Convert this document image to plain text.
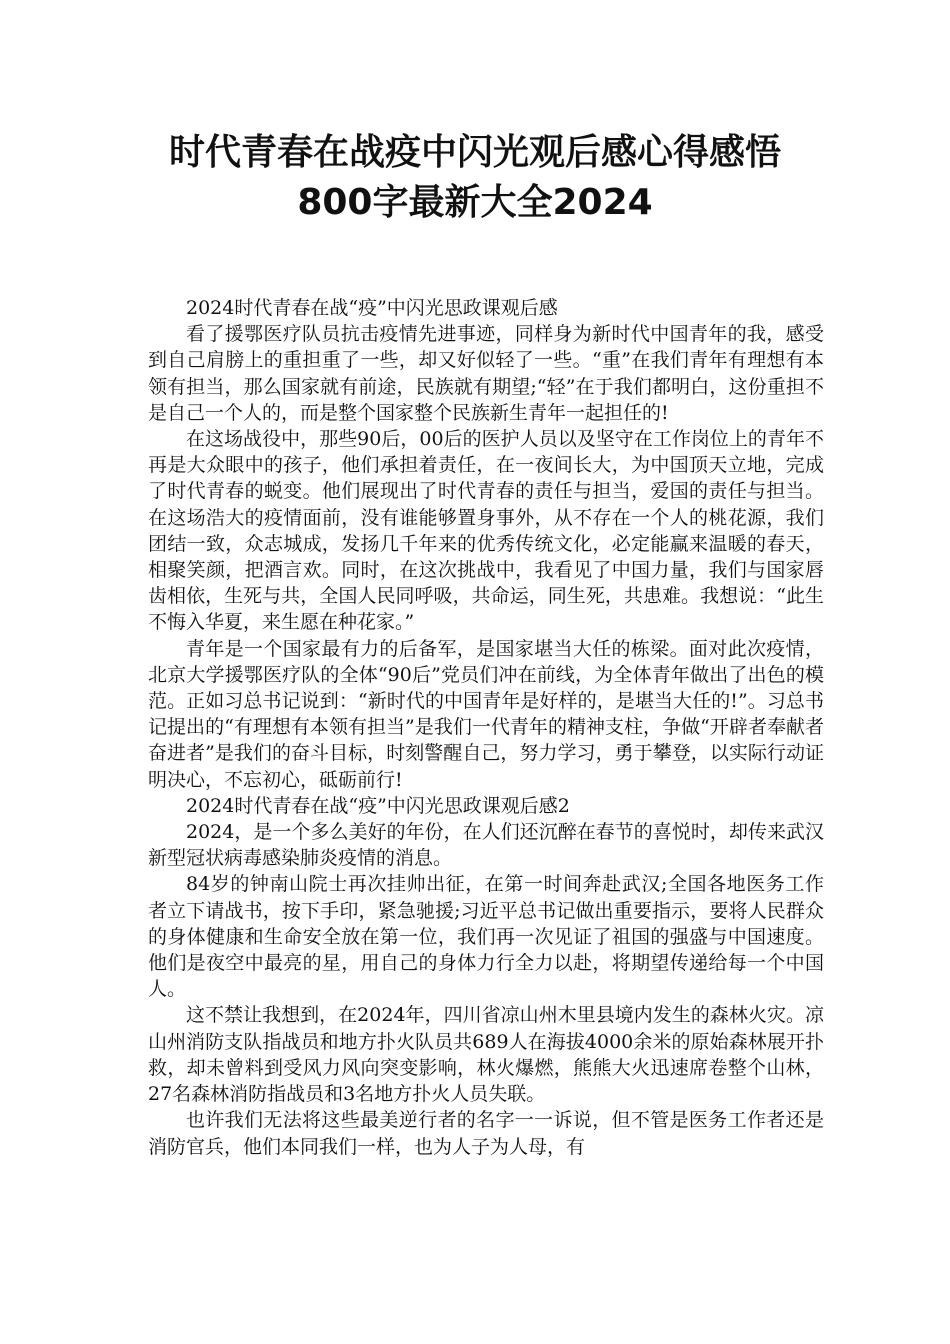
时代青春在战疫中闪光观后感心得感悟
800字最新大全2024

2024时代青春在战“疫”中闪光思政课观后感

看了援鄂医疗队员抗击疫情先进事迹，同样身为新时代中国青年的我，感受到自己肩膀上的重担重了一些，却又好似轻了一些。“重”在我们青年有理想有本领有担当，那么国家就有前途，民族就有期望;“轻”在于我们都明白，这份重担不是自己一个人的，而是整个国家整个民族新生青年一起担任的!

在这场战役中，那些90后，00后的医护人员以及坚守在工作岗位上的青年不再是大众眼中的孩子，他们承担着责任，在一夜间长大，为中国顶天立地，完成了时代青春的蜕变。他们展现出了时代青春的责任与担当，爱国的责任与担当。在这场浩大的疫情面前，没有谁能够置身事外，从不存在一个人的桃花源，我们团结一致，众志城成，发扬几千年来的优秀传统文化，必定能赢来温暖的春天，相聚笑颜，把酒言欢。同时，在这次挑战中，我看见了中国力量，我们与国家唇齿相依，生死与共，全国人民同呼吸，共命运，同生死，共患难。我想说：“此生不悔入华夏，来生愿在种花家。”

青年是一个国家最有力的后备军，是国家堪当大任的栋梁。面对此次疫情，北京大学援鄂医疗队的全体“90后”党员们冲在前线，为全体青年做出了出色的模范。正如习总书记说到：“新时代的中国青年是好样的，是堪当大任的!”。习总书记提出的“有理想有本领有担当”是我们一代青年的精神支柱，争做“开辟者奉献者奋进者”是我们的奋斗目标，时刻警醒自己，努力学习，勇于攀登，以实际行动证明决心，不忘初心，砥砺前行!

2024时代青春在战“疫”中闪光思政课观后感2

2024，是一个多么美好的年份，在人们还沉醉在春节的喜悦时，却传来武汉新型冠状病毒感染肺炎疫情的消息。

84岁的钟南山院士再次挂帅出征，在第一时间奔赴武汉;全国各地医务工作者立下请战书，按下手印，紧急驰援;习近平总书记做出重要指示，要将人民群众的身体健康和生命安全放在第一位，我们再一次见证了祖国的强盛与中国速度。他们是夜空中最亮的星，用自己的身体力行全力以赴，将期望传递给每一个中国人。

这不禁让我想到，在2024年，四川省凉山州木里县境内发生的森林火灾。凉山州消防支队指战员和地方扑火队员共689人在海拔4000余米的原始森林展开扑救，却未曾料到受风力风向突变影响，林火爆燃，熊熊大火迅速席卷整个山林，27名森林消防指战员和3名地方扑火人员失联。

也许我们无法将这些最美逆行者的名字一一诉说，但不管是医务工作者还是消防官兵，他们本同我们一样，也为人子为人母，有
